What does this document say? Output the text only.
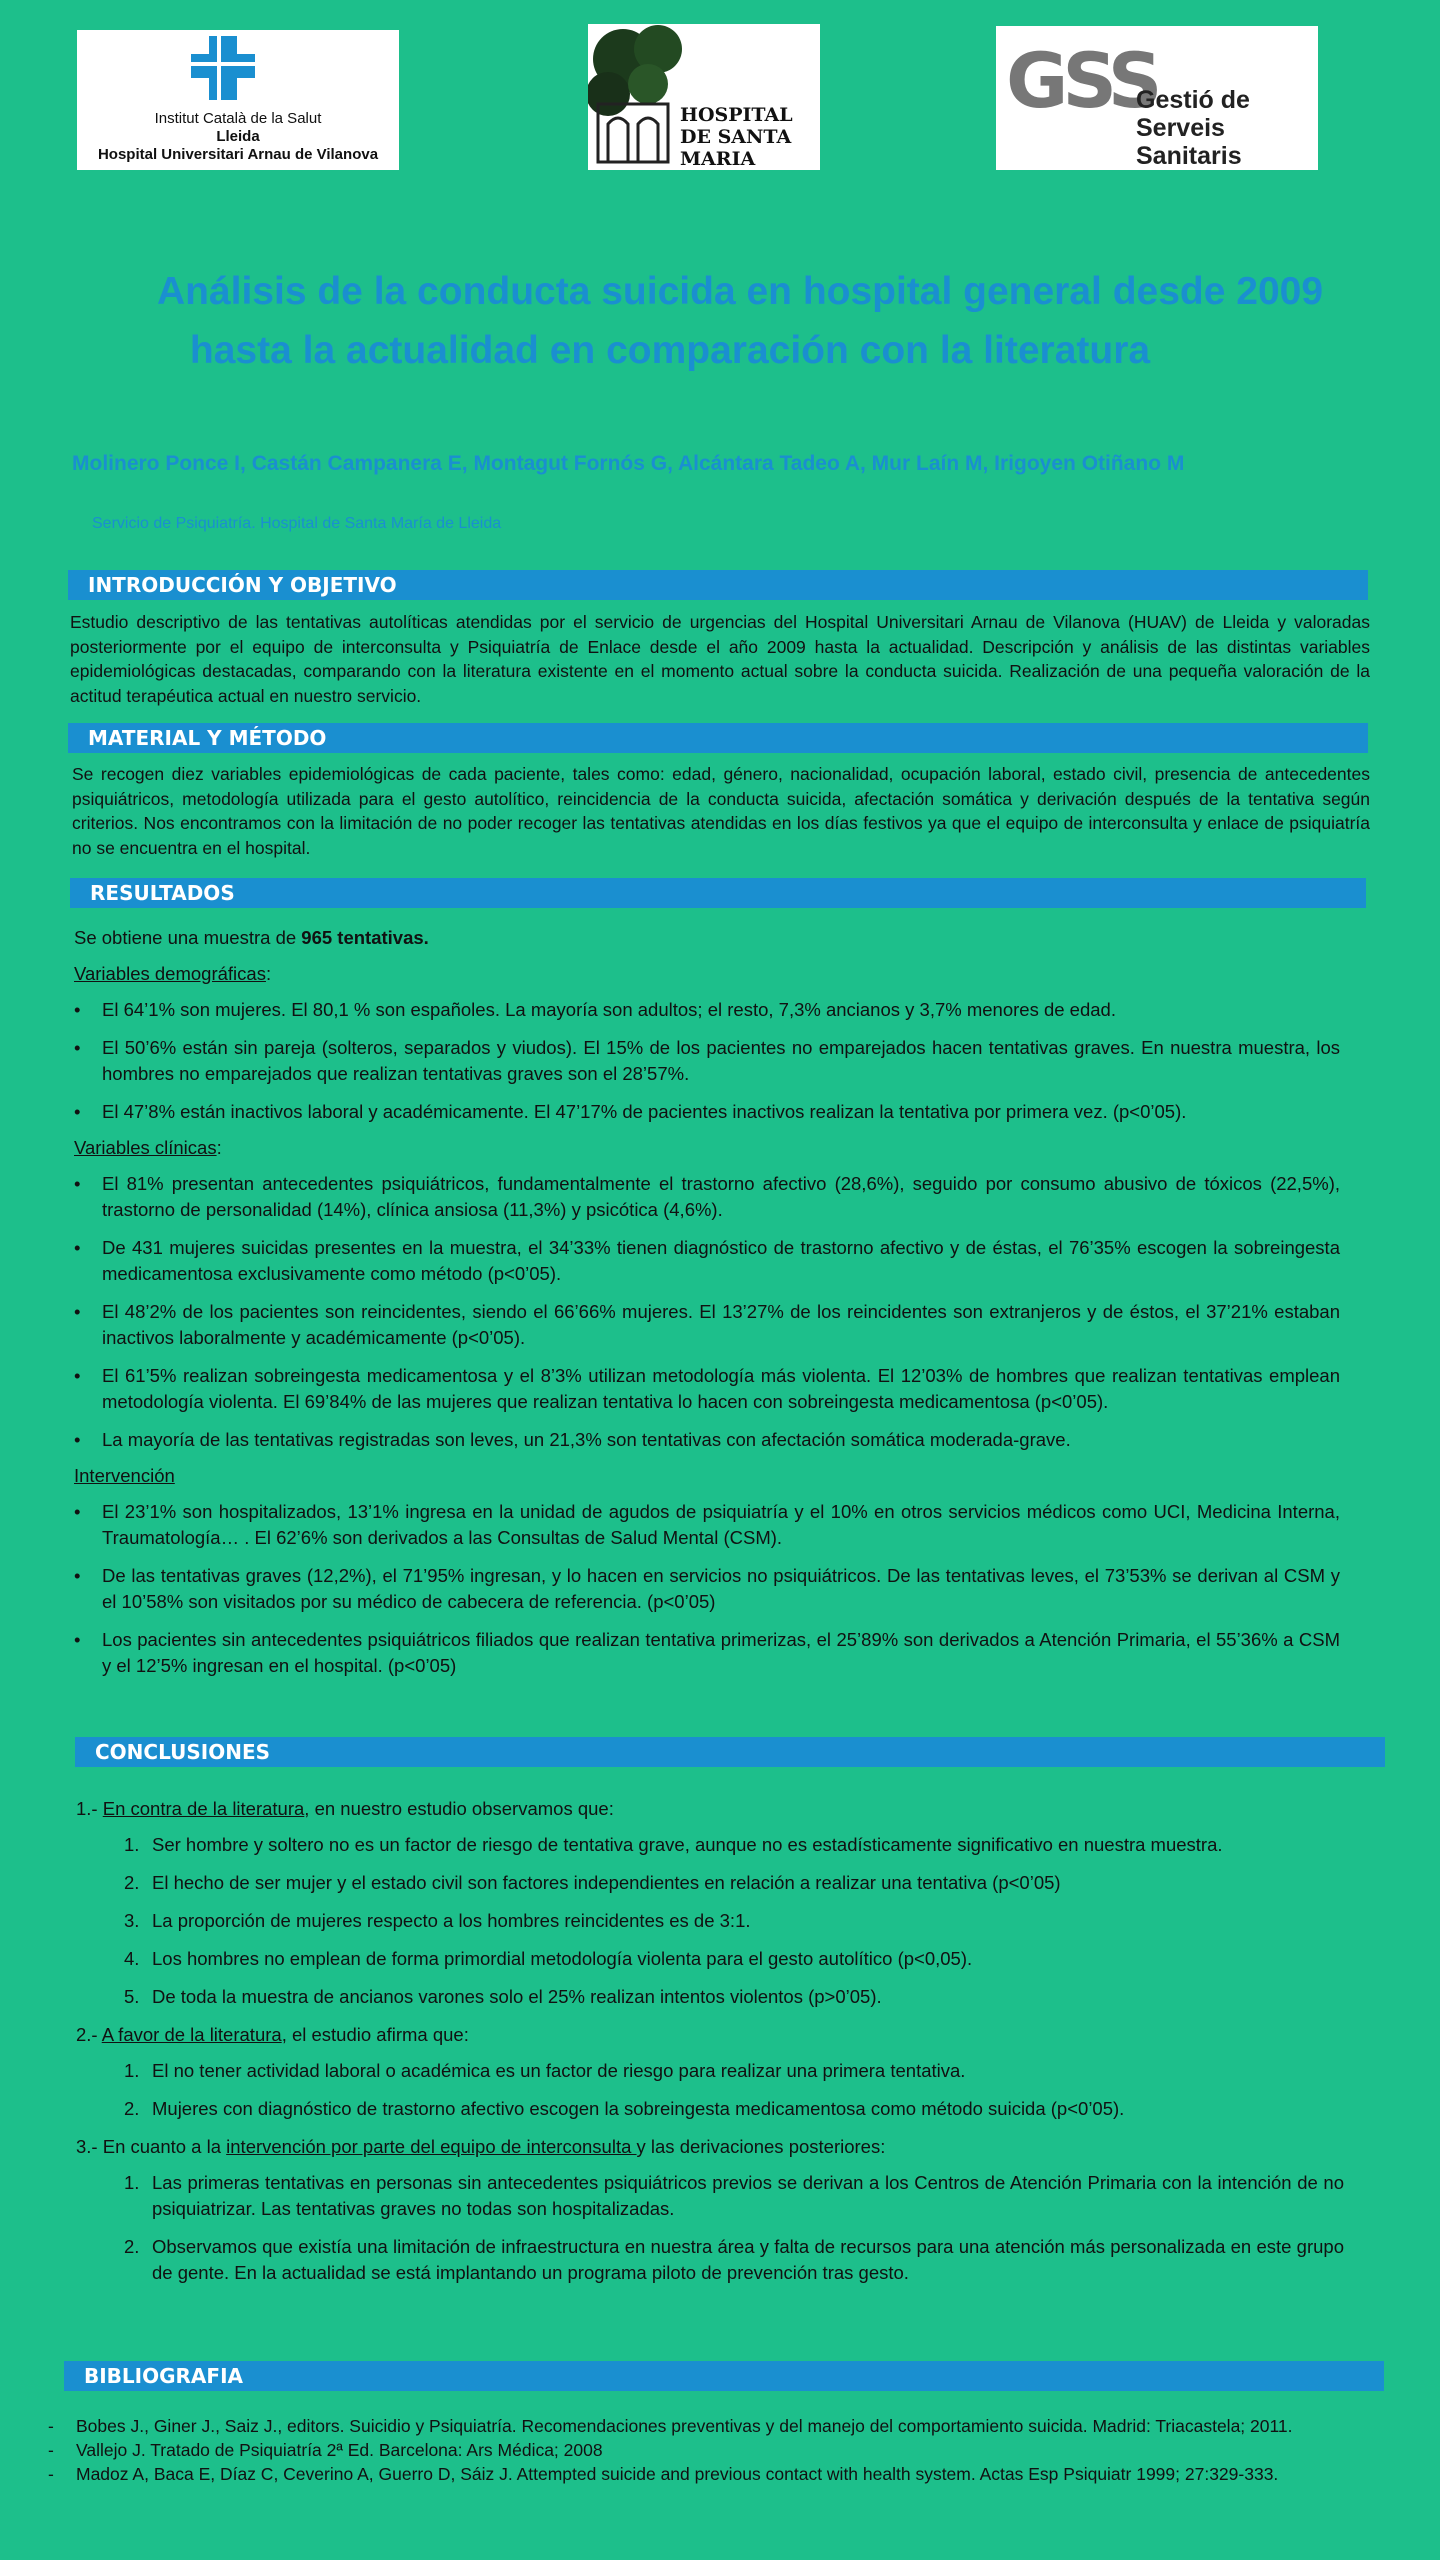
Institut Català de la Salut
Lleida
Hospital Universitari Arnau de Vilanova
HOSPITAL
DE SANTA MARIA
GSS
Gestió de
Serveis Sanitaris
Análisis de la conducta suicida en hospital general desde 2009
hasta la actualidad en comparación con la literatura
Molinero Ponce I, Castán Campanera E, Montagut Fornós G, Alcántara Tadeo A, Mur Laín M, Irigoyen Otiñano M
Servicio de Psiquiatría. Hospital de Santa María de Lleida
INTRODUCCIÓN Y OBJETIVO
Estudio descriptivo de las tentativas autolíticas atendidas por el servicio de urgencias del Hospital Universitari Arnau de Vilanova (HUAV) de Lleida y valoradas posteriormente por el equipo de interconsulta y Psiquiatría de Enlace desde el año 2009 hasta la actualidad. Descripción y análisis de las distintas variables epidemiológicas destacadas, comparando con la literatura existente en el momento actual sobre la conducta suicida. Realización de una pequeña valoración de la actitud terapéutica actual en nuestro servicio.
MATERIAL Y MÉTODO
Se recogen diez variables epidemiológicas de cada paciente, tales como: edad, género, nacionalidad, ocupación laboral, estado civil, presencia de antecedentes psiquiátricos, metodología utilizada para el gesto autolítico, reincidencia de la conducta suicida, afectación somática y derivación después de la tentativa según criterios. Nos encontramos con la limitación de no poder recoger las tentativas atendidas en los días festivos ya que el equipo de interconsulta y enlace de psiquiatría no se encuentra en el hospital.
RESULTADOS

Se obtiene una muestra de 965 tentativas.

Variables demográficas:

• El 64’1% son mujeres. El 80,1 % son españoles. La mayoría son adultos; el resto, 7,3% ancianos y 3,7% menores de edad.
• El 50’6% están sin pareja (solteros, separados y viudos). El 15% de los pacientes no emparejados hacen tentativas graves. En nuestra muestra, los hombres no emparejados que realizan tentativas graves son el 28’57%.
• El 47’8% están inactivos laboral y académicamente. El 47’17% de pacientes inactivos realizan la tentativa por primera vez. (p<0’05).

Variables clínicas:

• El 81% presentan antecedentes psiquiátricos, fundamentalmente el trastorno afectivo (28,6%), seguido por consumo abusivo de tóxicos (22,5%), trastorno de personalidad (14%), clínica ansiosa (11,3%) y psicótica (4,6%).
• De 431 mujeres suicidas presentes en la muestra, el 34’33% tienen diagnóstico de trastorno afectivo y de éstas, el 76’35% escogen la sobreingesta medicamentosa exclusivamente como método (p<0’05).
• El 48’2% de los pacientes son reincidentes, siendo el 66’66% mujeres. El 13’27% de los reincidentes son extranjeros y de éstos, el 37’21% estaban inactivos laboralmente y académicamente (p<0’05).
• El 61’5% realizan sobreingesta medicamentosa y el 8’3% utilizan metodología más violenta. El 12’03% de hombres que realizan tentativas emplean metodología violenta. El 69’84% de las mujeres que realizan tentativa lo hacen con sobreingesta medicamentosa (p<0’05).
• La mayoría de las tentativas registradas son leves, un 21,3% son tentativas con afectación somática moderada-grave.

Intervención

• El 23’1% son hospitalizados, 13’1% ingresa en la unidad de agudos de psiquiatría y el 10% en otros servicios médicos como UCI, Medicina Interna, Traumatología… . El 62’6% son derivados a las Consultas de Salud Mental (CSM).
• De las tentativas graves (12,2%), el 71’95% ingresan, y lo hacen en servicios no psiquiátricos. De las tentativas leves, el 73’53% se derivan al CSM y el 10’58% son visitados por su médico de cabecera de referencia. (p<0’05)
• Los pacientes sin antecedentes psiquiátricos filiados que realizan tentativa primerizas, el 25’89% son derivados a Atención Primaria, el 55’36% a CSM y el 12’5% ingresan en el hospital. (p<0’05)
CONCLUSIONES

1.- En contra de la literatura, en nuestro estudio observamos que:

1. Ser hombre y soltero no es un factor de riesgo de tentativa grave, aunque no es estadísticamente significativo en nuestra muestra.
2. El hecho de ser mujer y el estado civil son factores independientes en relación a realizar una tentativa (p<0’05)
3. La proporción de mujeres respecto a los hombres reincidentes es de 3:1.
4. Los hombres no emplean de forma primordial metodología violenta para el gesto autolítico (p<0,05).
5. De toda la muestra de ancianos varones solo el 25% realizan intentos violentos (p>0’05).

2.- A favor de la literatura, el estudio afirma que:

1. El no tener actividad laboral o académica es un factor de riesgo para realizar una primera tentativa.
2. Mujeres con diagnóstico de trastorno afectivo escogen la sobreingesta medicamentosa como método suicida (p<0’05).

3.- En cuanto a la intervención por parte del equipo de interconsulta y las derivaciones posteriores:

1. Las primeras tentativas en personas sin antecedentes psiquiátricos previos se derivan a los Centros de Atención Primaria con la intención de no psiquiatrizar. Las tentativas graves no todas son hospitalizadas.
2. Observamos que existía una limitación de infraestructura en nuestra área y falta de recursos para una atención más personalizada en este grupo de gente. En la actualidad se está implantando un programa piloto de prevención tras gesto.
BIBLIOGRAFIA
- Bobes J., Giner J., Saiz J., editors. Suicidio y Psiquiatría. Recomendaciones preventivas y del manejo del comportamiento suicida. Madrid: Triacastela; 2011.
- Vallejo J. Tratado de Psiquiatría 2ª Ed. Barcelona: Ars Médica; 2008
- Madoz A, Baca E, Díaz C, Ceverino A, Guerro D, Sáiz J. Attempted suicide and previous contact with health system. Actas Esp Psiquiatr 1999; 27:329-333.
